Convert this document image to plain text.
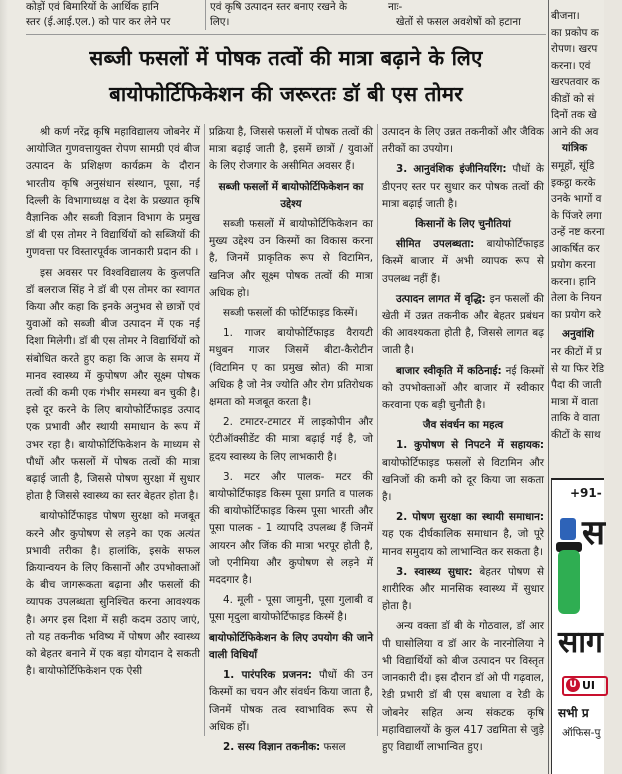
कोड़ों एवं बिमारियों के आर्थिक हानि
स्तर (ई.आई.एल.) को पार कर लेने पर
एवं कृषि उत्पादन स्तर बनाए रखने के
लिए।
नाः-
खेतों से फसल अवशेषों को हटाना
सब्जी फसलों में पोषक तत्वों की मात्रा बढ़ाने के लिए
बायोफोर्टिफिकेशन की जरूरतः डॉ बी एस तोमर

श्री कर्ण नरेंद्र कृषि महाविद्यालय जोबनेर में आयोजित गुणवत्तायुक्त रोपण सामग्री एवं बीज उत्पादन के प्रशिक्षण कार्यक्रम के दौरान भारतीय कृषि अनुसंधान संस्थान, पूसा, नई दिल्ली के विभागाध्यक्ष व देश के प्रख्यात कृषि वैज्ञानिक और सब्जी विज्ञान विभाग के प्रमुख डॉ बी एस तोमर ने विद्यार्थियों को सब्जियों की गुणवत्ता पर विस्तारपूर्वक जानकारी प्रदान की ।

इस अवसर पर विश्वविद्यालय के कुलपति डॉ बलराज सिंह ने डॉ बी एस तोमर का स्वागत किया और कहा कि इनके अनुभव से छात्रों एवं युवाओं को सब्जी बीज उत्पादन में एक नई दिशा मिलेगी। डॉ बी एस तोमर ने विद्यार्थियों को संबोधित करते हुए कहा कि आज के समय में मानव स्वास्थ्य में कुपोषण और सूक्ष्म पोषक तत्वों की कमी एक गंभीर समस्या बन चुकी है। इसे दूर करने के लिए बायोफोर्टिफाइड उत्पाद एक प्रभावी और स्थायी समाधान के रूप में उभर रहा है। बायोफोर्टिफिकेशन के माध्यम से पौधों और फसलों में पोषक तत्वों की मात्रा बढ़ाई जाती है, जिससे पोषण सुरक्षा में सुधार होता है जिससे स्वास्थ्य का स्तर बेहतर होता है।

बायोफोर्टिफाइड पोषण सुरक्षा को मजबूत करने और कुपोषण से लड़ने का एक अत्यंत प्रभावी तरीका है। हालांकि, इसके सफल क्रियान्वयन के लिए किसानों और उपभोक्ताओं के बीच जागरूकता बढ़ाना और फसलों की व्यापक उपलब्धता सुनिश्चित करना आवश्यक है। अगर इस दिशा में सही कदम उठाए जाएं, तो यह तकनीक भविष्य में पोषण और स्वास्थ्य को बेहतर बनाने में एक बड़ा योगदान दे सकती है। बायोफोर्टिफिकेशन एक ऐसी

प्रक्रिया है, जिससे फसलों में पोषक तत्वों की मात्रा बढ़ाई जाती है, इसमें छात्रों / युवाओं के लिए रोजगार के असीमित अवसर हैं।

सब्जी फसलों में बायोफोर्टिफिकेशन का उद्देश्य

सब्जी फसलों में बायोफोर्टिफिकेशन का मुख्य उद्देश्य उन किस्मों का विकास करना है, जिनमें प्राकृतिक रूप से विटामिन, खनिज और सूक्ष्म पोषक तत्वों की मात्रा अधिक हो।

सब्जी फसलों की फोर्टिफाइड किस्में।

1. गाजर बायोफोर्टिफाइड वैरायटी मधुबन गाजर जिसमें बीटा-कैरोटीन (विटामिन ए का प्रमुख स्रोत) की मात्रा अधिक है जो नेत्र ज्योति और रोग प्रतिरोधक क्षमता को मजबूत करता है।

2. टमाटर-टमाटर में लाइकोपीन और एंटीऑक्सीडेंट की मात्रा बढ़ाई गई है, जो हृदय स्वास्थ्य के लिए लाभकारी है।

3. मटर और पालक- मटर की बायोफोर्टिफाइड किस्म पूसा प्रगति व पालक की बायोफोर्टिफाइड किस्म पूसा भारती और पूसा पालक - 1 व्यापदि उपलब्ध हैं जिनमें आयरन और जिंक की मात्रा भरपूर होती है, जो एनीमिया और कुपोषण से लड़ने में मददगार है।

4. मूली - पूसा जामुनी, पूसा गुलाबी व पूसा मृदुला बायोफोर्टिफाइड किस्में है।

बायोफोर्टिफिकेशन के लिए उपयोग की जाने वाली विधियाँ

1. पारंपरिक प्रजनन: पौधों की उन किस्मों का चयन और संवर्धन किया जाता है, जिनमें पोषक तत्व स्वाभाविक रूप से अधिक हों।

2. सस्य विज्ञान तकनीक: फसल

उत्पादन के लिए उन्नत तकनीकों और जैविक तरीकों का उपयोग।

3. आनुवंशिक इंजीनियरिंग: पौधों के डीएनए स्तर पर सुधार कर पोषक तत्वों की मात्रा बढ़ाई जाती है।

किसानों के लिए चुनौतियां

सीमित उपलब्धता: बायोफोर्टिफाइड किस्में बाजार में अभी व्यापक रूप से उपलब्ध नहीं हैं।

उत्पादन लागत में वृद्धि: इन फसलों की खेती में उन्नत तकनीक और बेहतर प्रबंधन की आवश्यकता होती है, जिससे लागत बढ़ जाती है।

बाजार स्वीकृति में कठिनाई: नई किस्मों को उपभोक्ताओं और बाजार में स्वीकार करवाना एक बड़ी चुनौती है।

जैव संवर्धन का महत्व

1. कुपोषण से निपटने में सहायक: बायोफोर्टिफाइड फसलों से विटामिन और खनिजों की कमी को दूर किया जा सकता है।

2. पोषण सुरक्षा का स्थायी समाधान: यह एक दीर्घकालिक समाधान है, जो पूरे मानव समुदाय को लाभान्वित कर सकता है।

3. स्वास्थ्य सुधार: बेहतर पोषण से शारीरिक और मानसिक स्वास्थ्य में सुधार होता है।

अन्य वक्ता डॉ बी के गोठवाल, डॉ आर पी घासोलिया व डॉ आर के नारनोलिया ने भी विद्यार्थियों को बीज उत्पादन पर विस्तृत जानकारी दी। इस दौरान डॉ ओ पी गढ़वाल, रेडी प्रभारी डॉ बी एस बधाला व रेडी के जोबनेर सहित अन्य संकटक कृषि महाविद्यालयों के कुल 417 उद्यमिता से जुड़े हुए विद्यार्थी लाभान्वित हुए।

बीजना।
का प्रकोप क
रोपण। खरप
करना। एवं
खरपतवार क
कीडों को सं
दिनों तक खे
आने की अव
यांत्रिक
समूहों, सूंडि
इकट्ठा करके
उनके भागों व
के पिंजरे लगा
उन्हें नष्ट करना
आकर्षित कर
प्रयोग करना
करना। हानि
तेला के नियन
का प्रयोग करे
अनुवांशि
नर कीटों में प्र
से या फिर रेडि
पैदा की जाती
मात्रा में वाता
ताकि वे वाता
कीटों के साथ
+91-
स
साग
U UI
सभी प्र
ऑफिस-पु
